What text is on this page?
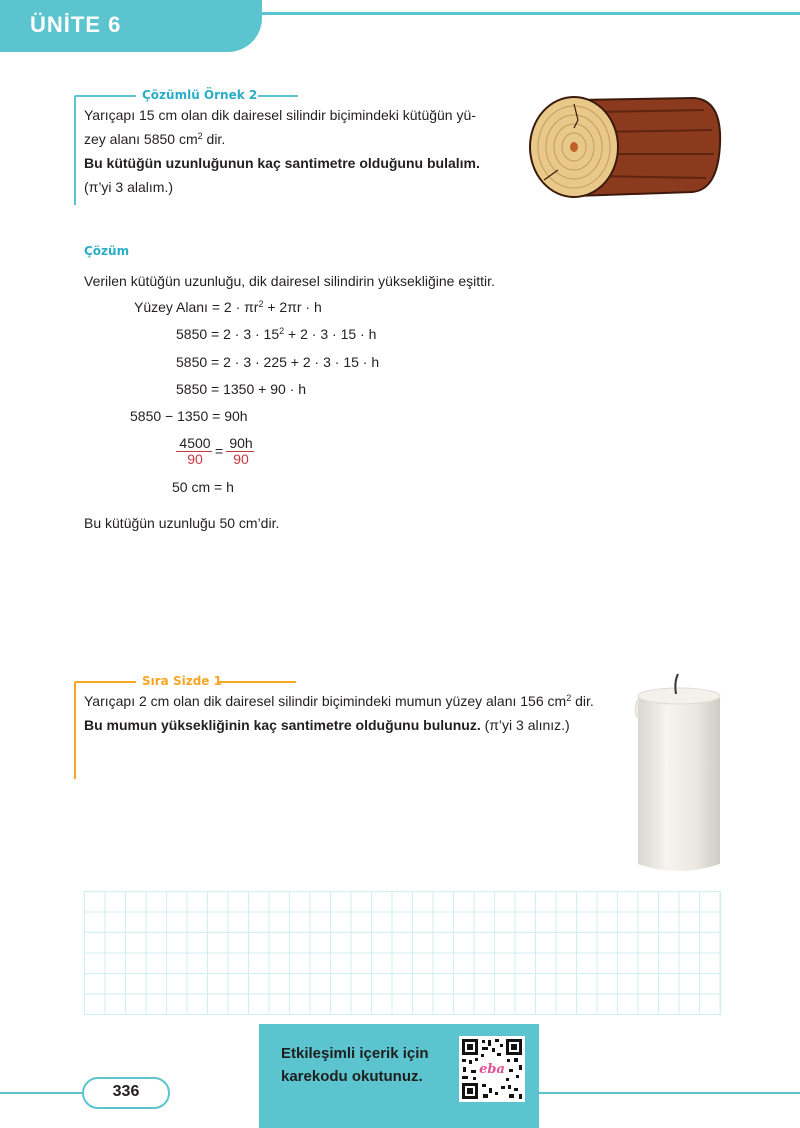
ÜNİTE 6
Çözümlü Örnek 2
Yarıçapı 15 cm olan dik dairesel silindir biçimindeki kütüğün yü-
zey alanı 5850 $cm^2$ dir.
Bu kütüğün uzunluğunun kaç santimetre olduğunu bulalım.
(π’yi 3 alalım.)
Çözüm
Verilen kütüğün uzunluğu, dik dairesel silindirin yüksekliğine eşittir.
Yüzey Alanı = $2 \cdot \pi r^2 + 2\pi r \cdot h$
$5850 = 2 \cdot 3 \cdot 15^2 + 2 \cdot 3 \cdot 15 \cdot h$
5850 = 2 · 3 · 225 + 2 · 3 · 15 · h
5850 = 1350 + 90 · h
5850 − 1350 = 90h
4500
90 = 90h
90
50 cm = h
Bu kütüğün uzunluğu 50 cm’dir.
Sıra Sizde 1
Yarıçapı 2 cm olan dik dairesel silindir biçimindeki mumun yüzey alanı 156 $cm^2$ dir.
Bu mumun yüksekliğinin kaç santimetre olduğunu bulunuz. (π’yi 3 alınız.)
Etkileşimli içerik için
karekodu okutunuz.	eba
336
